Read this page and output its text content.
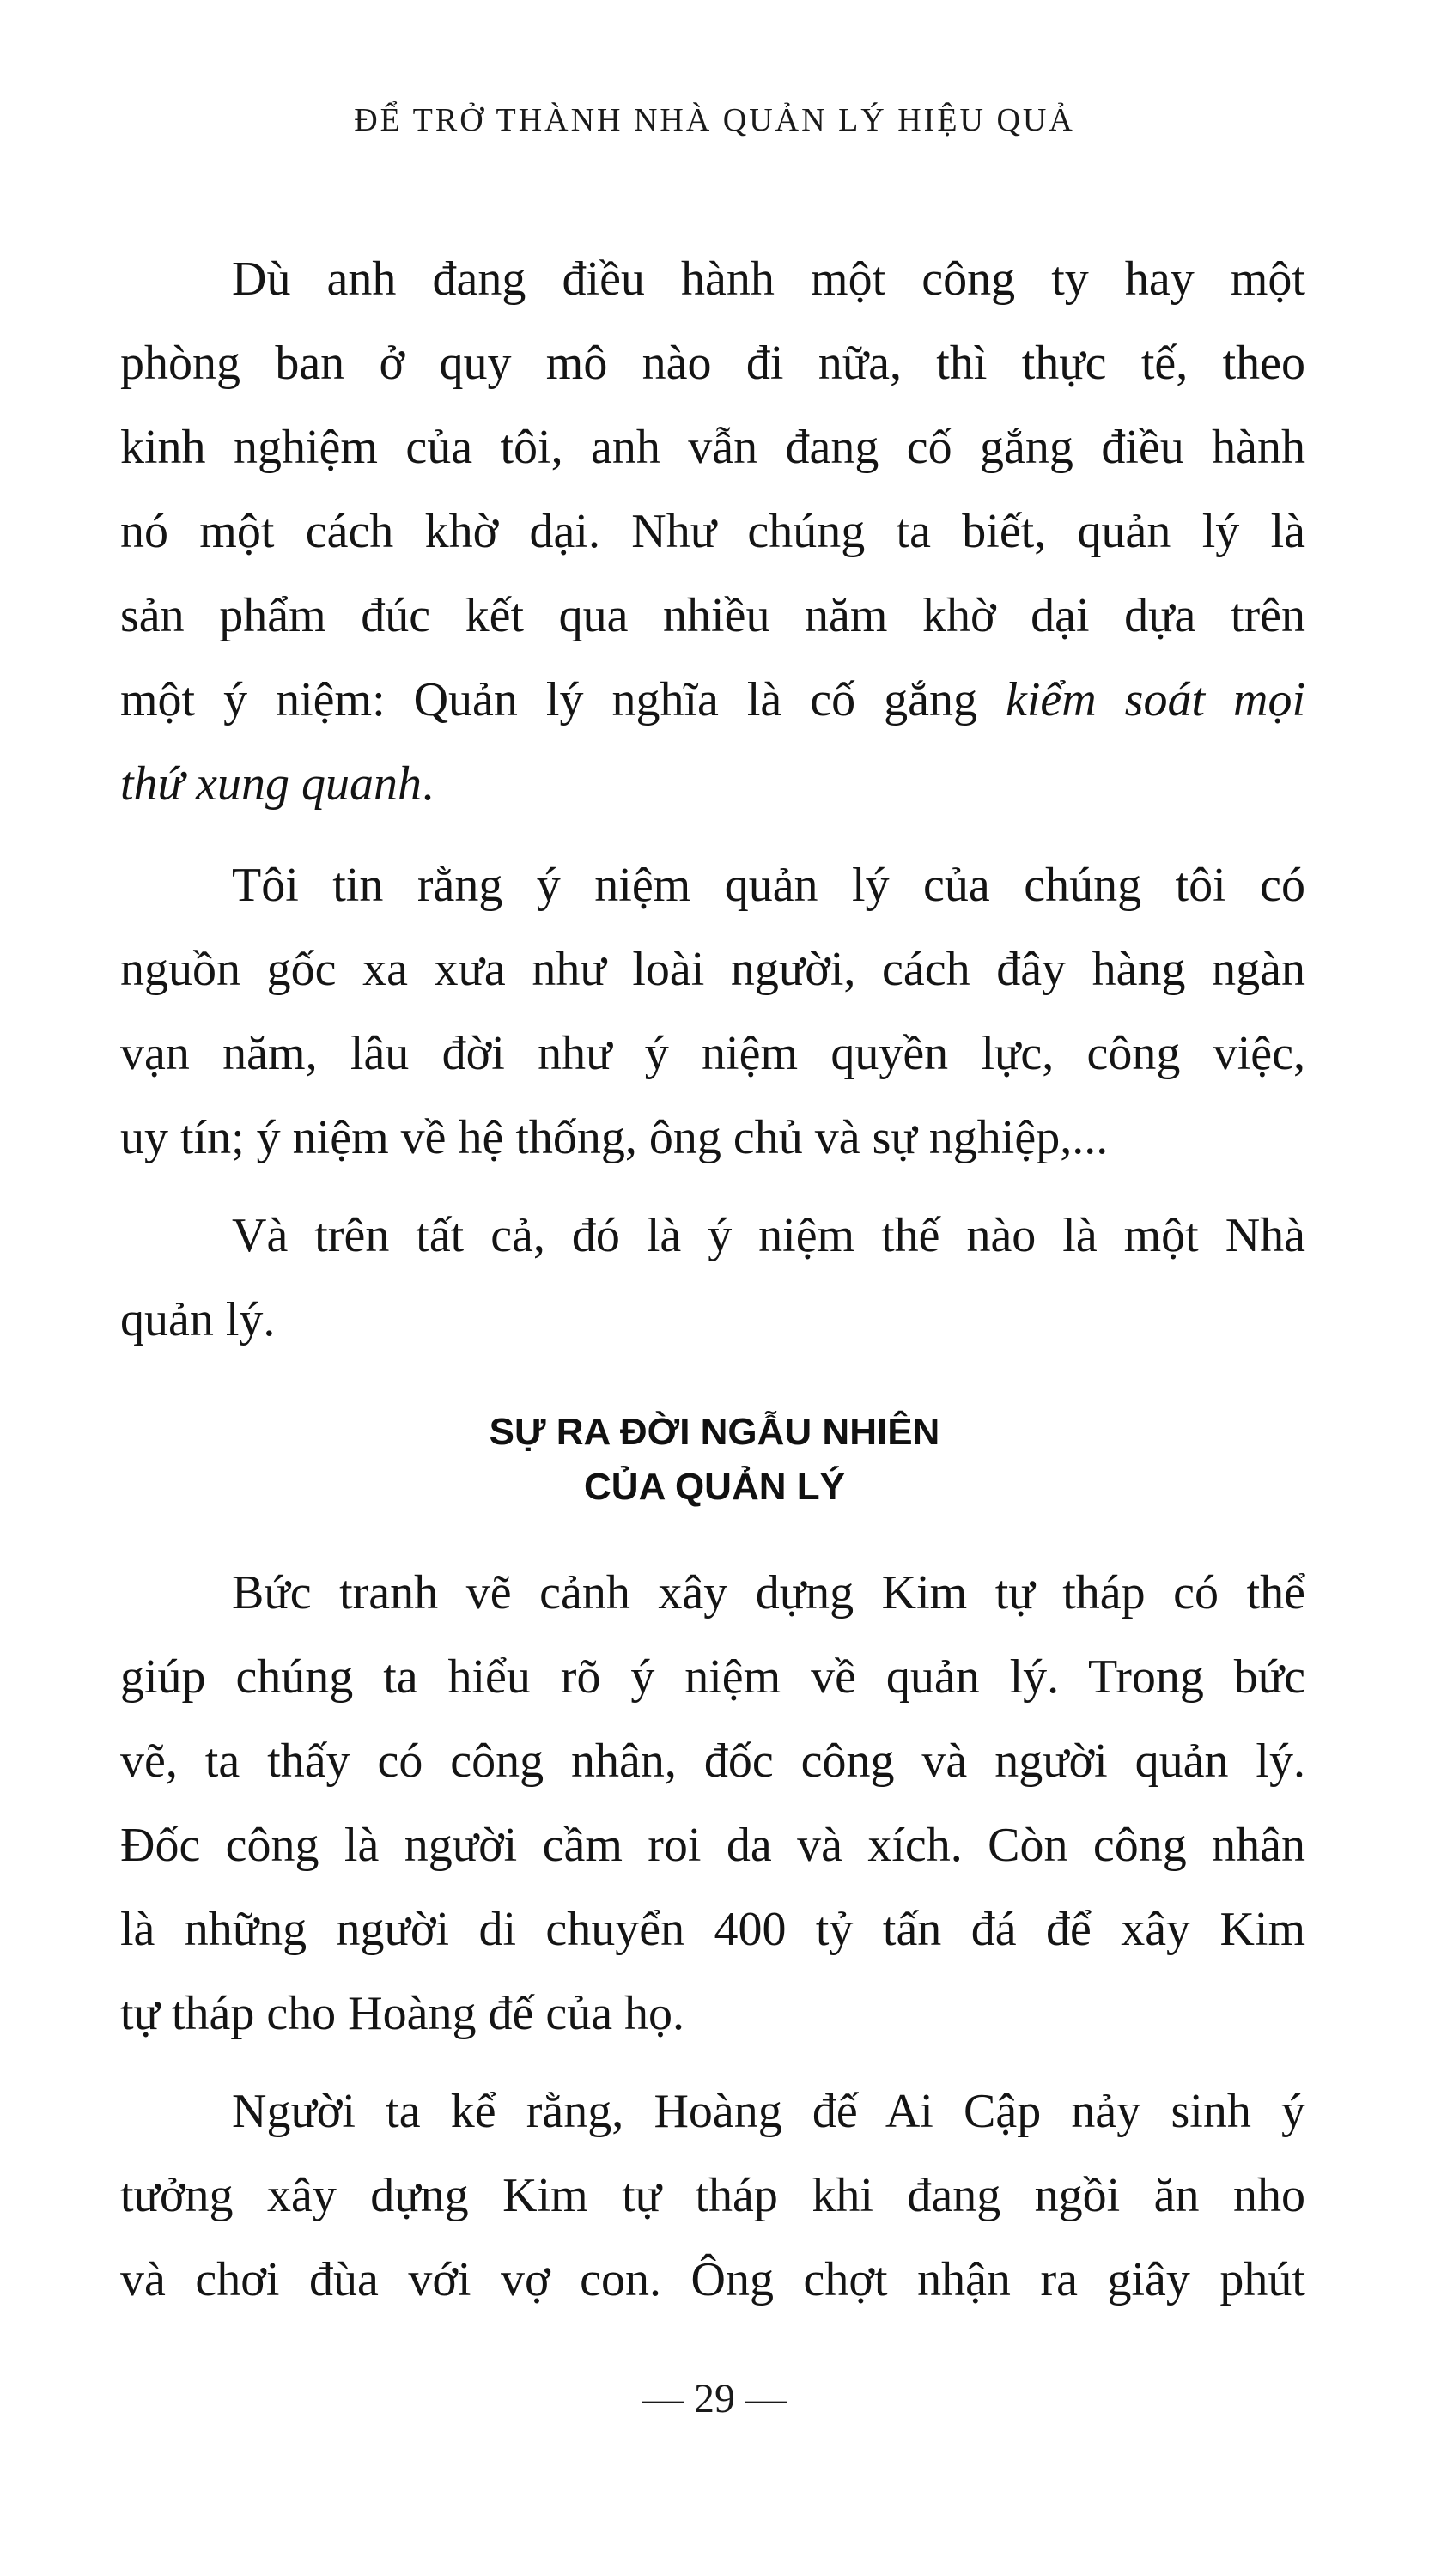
ĐỂ TRỞ THÀNH NHÀ QUẢN LÝ HIỆU QUẢ

Dù anh đang điều hành một công ty hay một
phòng ban ở quy mô nào đi nữa, thì thực tế, theo
kinh nghiệm của tôi, anh vẫn đang cố gắng điều hành
nó một cách khờ dại. Như chúng ta biết, quản lý là
sản phẩm đúc kết qua nhiều năm khờ dại dựa trên
một ý niệm: Quản lý nghĩa là cố gắng kiểm soát mọi
thứ xung quanh.

Tôi tin rằng ý niệm quản lý của chúng tôi có
nguồn gốc xa xưa như loài người, cách đây hàng ngàn
vạn năm, lâu đời như ý niệm quyền lực, công việc,
uy tín; ý niệm về hệ thống, ông chủ và sự nghiệp,...

Và trên tất cả, đó là ý niệm thế nào là một Nhà
quản lý.

SỰ RA ĐỜI NGẪU NHIÊN
CỦA QUẢN LÝ

Bức tranh vẽ cảnh xây dựng Kim tự tháp có thể
giúp chúng ta hiểu rõ ý niệm về quản lý. Trong bức
vẽ, ta thấy có công nhân, đốc công và người quản lý.
Đốc công là người cầm roi da và xích. Còn công nhân
là những người di chuyển 400 tỷ tấn đá để xây Kim
tự tháp cho Hoàng đế của họ.

Người ta kể rằng, Hoàng đế Ai Cập nảy sinh ý
tưởng xây dựng Kim tự tháp khi đang ngồi ăn nho
và chơi đùa với vợ con. Ông chợt nhận ra giây phút

— 29 —
